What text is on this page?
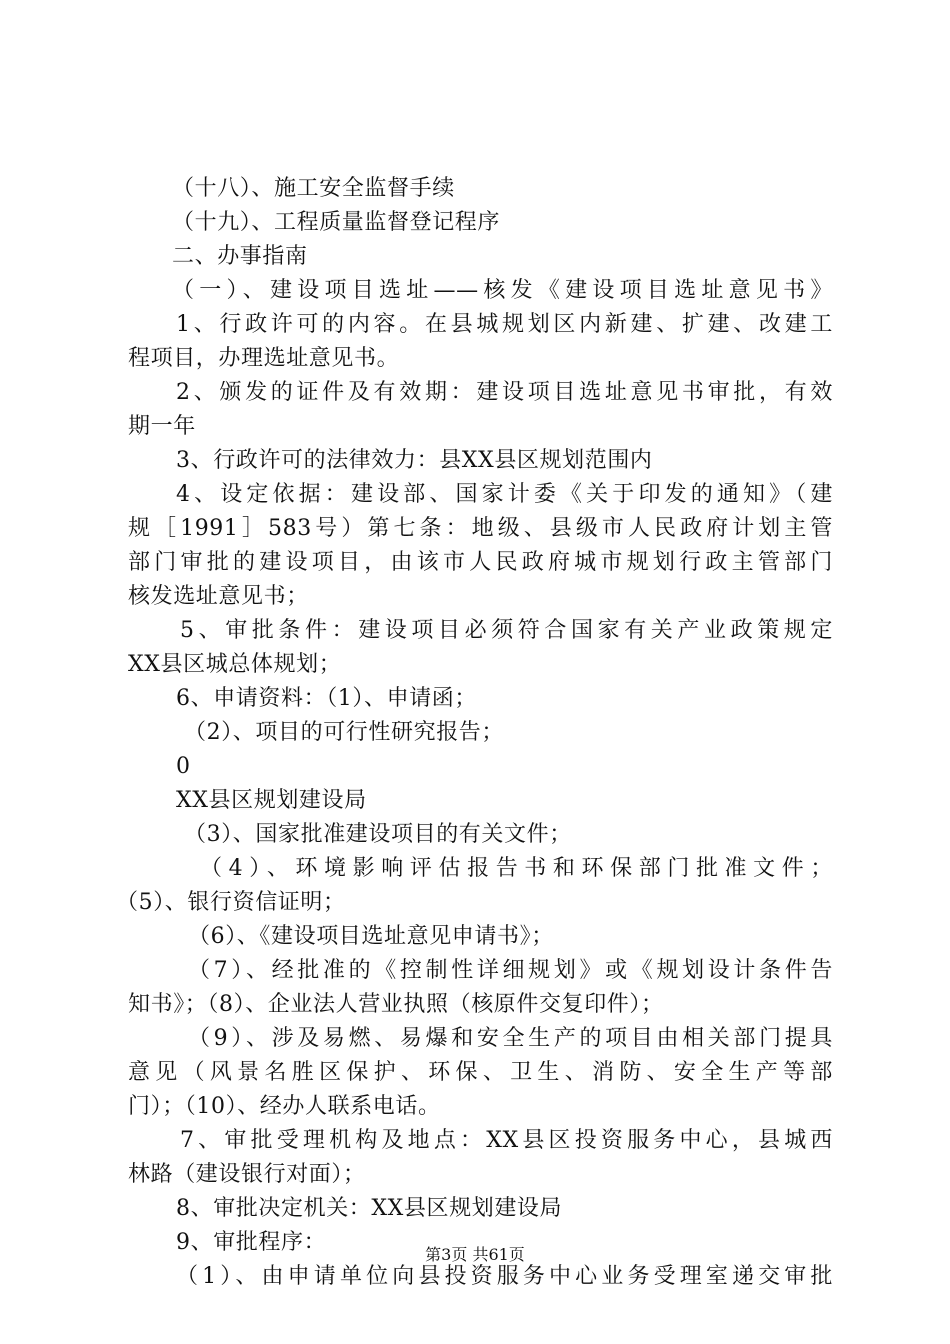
（十八）、施工安全监督手续
（十九）、工程质量监督登记程序
二、办事指南
（一）、建设项目选址——核发《建设项目选址意见书》
1、行政许可的内容。在县城规划区内新建、扩建、改建工
程项目，办理选址意见书。
2、颁发的证件及有效期：建设项目选址意见书审批，有效
期一年
3、行政许可的法律效力：县XX县区规划范围内
4、设定依据：建设部、国家计委《关于印发的通知》（建
规［1991］583号）第七条：地级、县级市人民政府计划主管
部门审批的建设项目，由该市人民政府城市规划行政主管部门
核发选址意见书；
5、审批条件：建设项目必须符合国家有关产业政策规定
XX县区城总体规划；
6、申请资料：（1）、申请函；
（2）、项目的可行性研究报告；
0
XX县区规划建设局
（3）、国家批准建设项目的有关文件；
（4）、环境影响评估报告书和环保部门批准文件；
（5）、银行资信证明；
（6）、《建设项目选址意见申请书》；
（7）、经批准的《控制性详细规划》或《规划设计条件告
知书》；（8）、企业法人营业执照（核原件交复印件）；
（9）、涉及易燃、易爆和安全生产的项目由相关部门提具
意见（风景名胜区保护、环保、卫生、消防、安全生产等部
门）；（10）、经办人联系电话。
7、审批受理机构及地点：XX县区投资服务中心，县城西
林路（建设银行对面）；
8、审批决定机关：XX县区规划建设局
9、审批程序：
（1）、由申请单位向县投资服务中心业务受理室递交审批
第3页 共61页
